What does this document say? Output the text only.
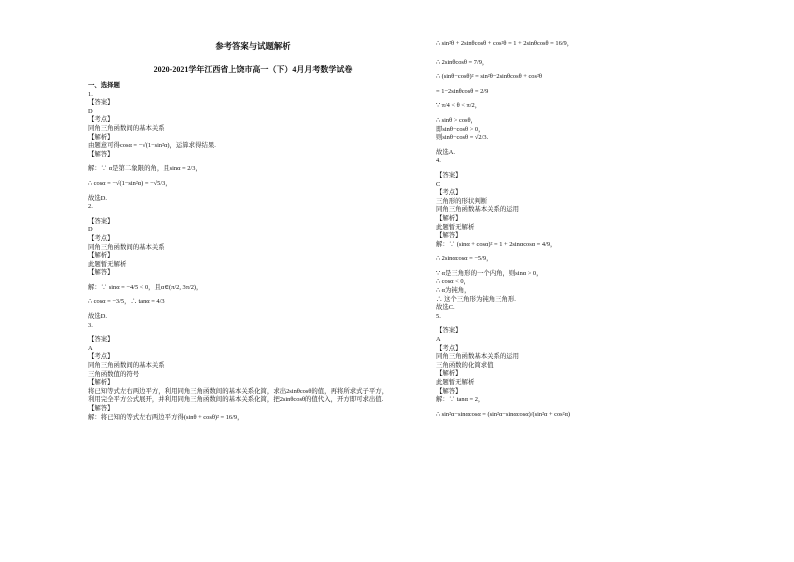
参考答案与试题解析
2020-2021学年江西省上饶市高一（下）4月月考数学试卷
一、选择题
1.
【答案】
D
【考点】
同角三角函数间的基本关系
【解析】
由题意可得cosα = −√(1−sin²α)，运算求得结果.
【解答】
解：∵ α是第二象限的角，且sinα = 2/3，
∴ cosα = −√(1−sin²α) = −√5/3，
故选D.
2.
【答案】
D
【考点】
同角三角函数间的基本关系
【解析】
此题暂无解析
【解答】
解：∵ sinα = −4/5 < 0，且α∈(π/2, 3π/2)，
∴ cosα = −3/5，∴ tanα = 4/3
故选D.
3.
【答案】
A
【考点】
同角三角函数间的基本关系
三角函数值的符号
【解析】
将已知等式左右两边平方，利用同角三角函数间的基本关系化简，求出2sinθcosθ的值，再将所求式子平方，
利用完全平方公式展开，并利用同角三角函数间的基本关系化简，把2sinθcosθ的值代入，开方即可求出值.
【解答】
解：将已知的等式左右两边平方得(sinθ + cosθ)² = 16/9，
∴ sin²θ + 2sinθcosθ + cos²θ = 1 + 2sinθcosθ = 16/9，
∴ 2sinθcosθ = 7/9，
∴ (sinθ−cosθ)² = sin²θ−2sinθcosθ + cos²θ
= 1−2sinθcosθ = 2/9
∵ π/4 < θ < π/2，
∴ sinθ > cosθ，
即sinθ−cosθ > 0，
则sinθ−cosθ = √2/3.
故选A.
4.
【答案】
C
【考点】
三角形的形状判断
同角三角函数基本关系的运用
【解析】
此题暂无解析
【解答】
解：∵ (sinα + cosα)² = 1 + 2sinαcosα = 4/9，
∴ 2sinαcosα = −5/9，
∵ α是三角形的一个内角，则sinα > 0，
∴ cosα < 0，
∴ α为钝角，
∴ 这个三角形为钝角三角形.
故选C.
5.
【答案】
A
【考点】
同角三角函数基本关系的运用
三角函数的化简求值
【解析】
此题暂无解析
【解答】
解：∵ tanα = 2，
∴ sin²α−sinαcosα = (sin²α−sinαcosα)/(sin²α + cos²α)
